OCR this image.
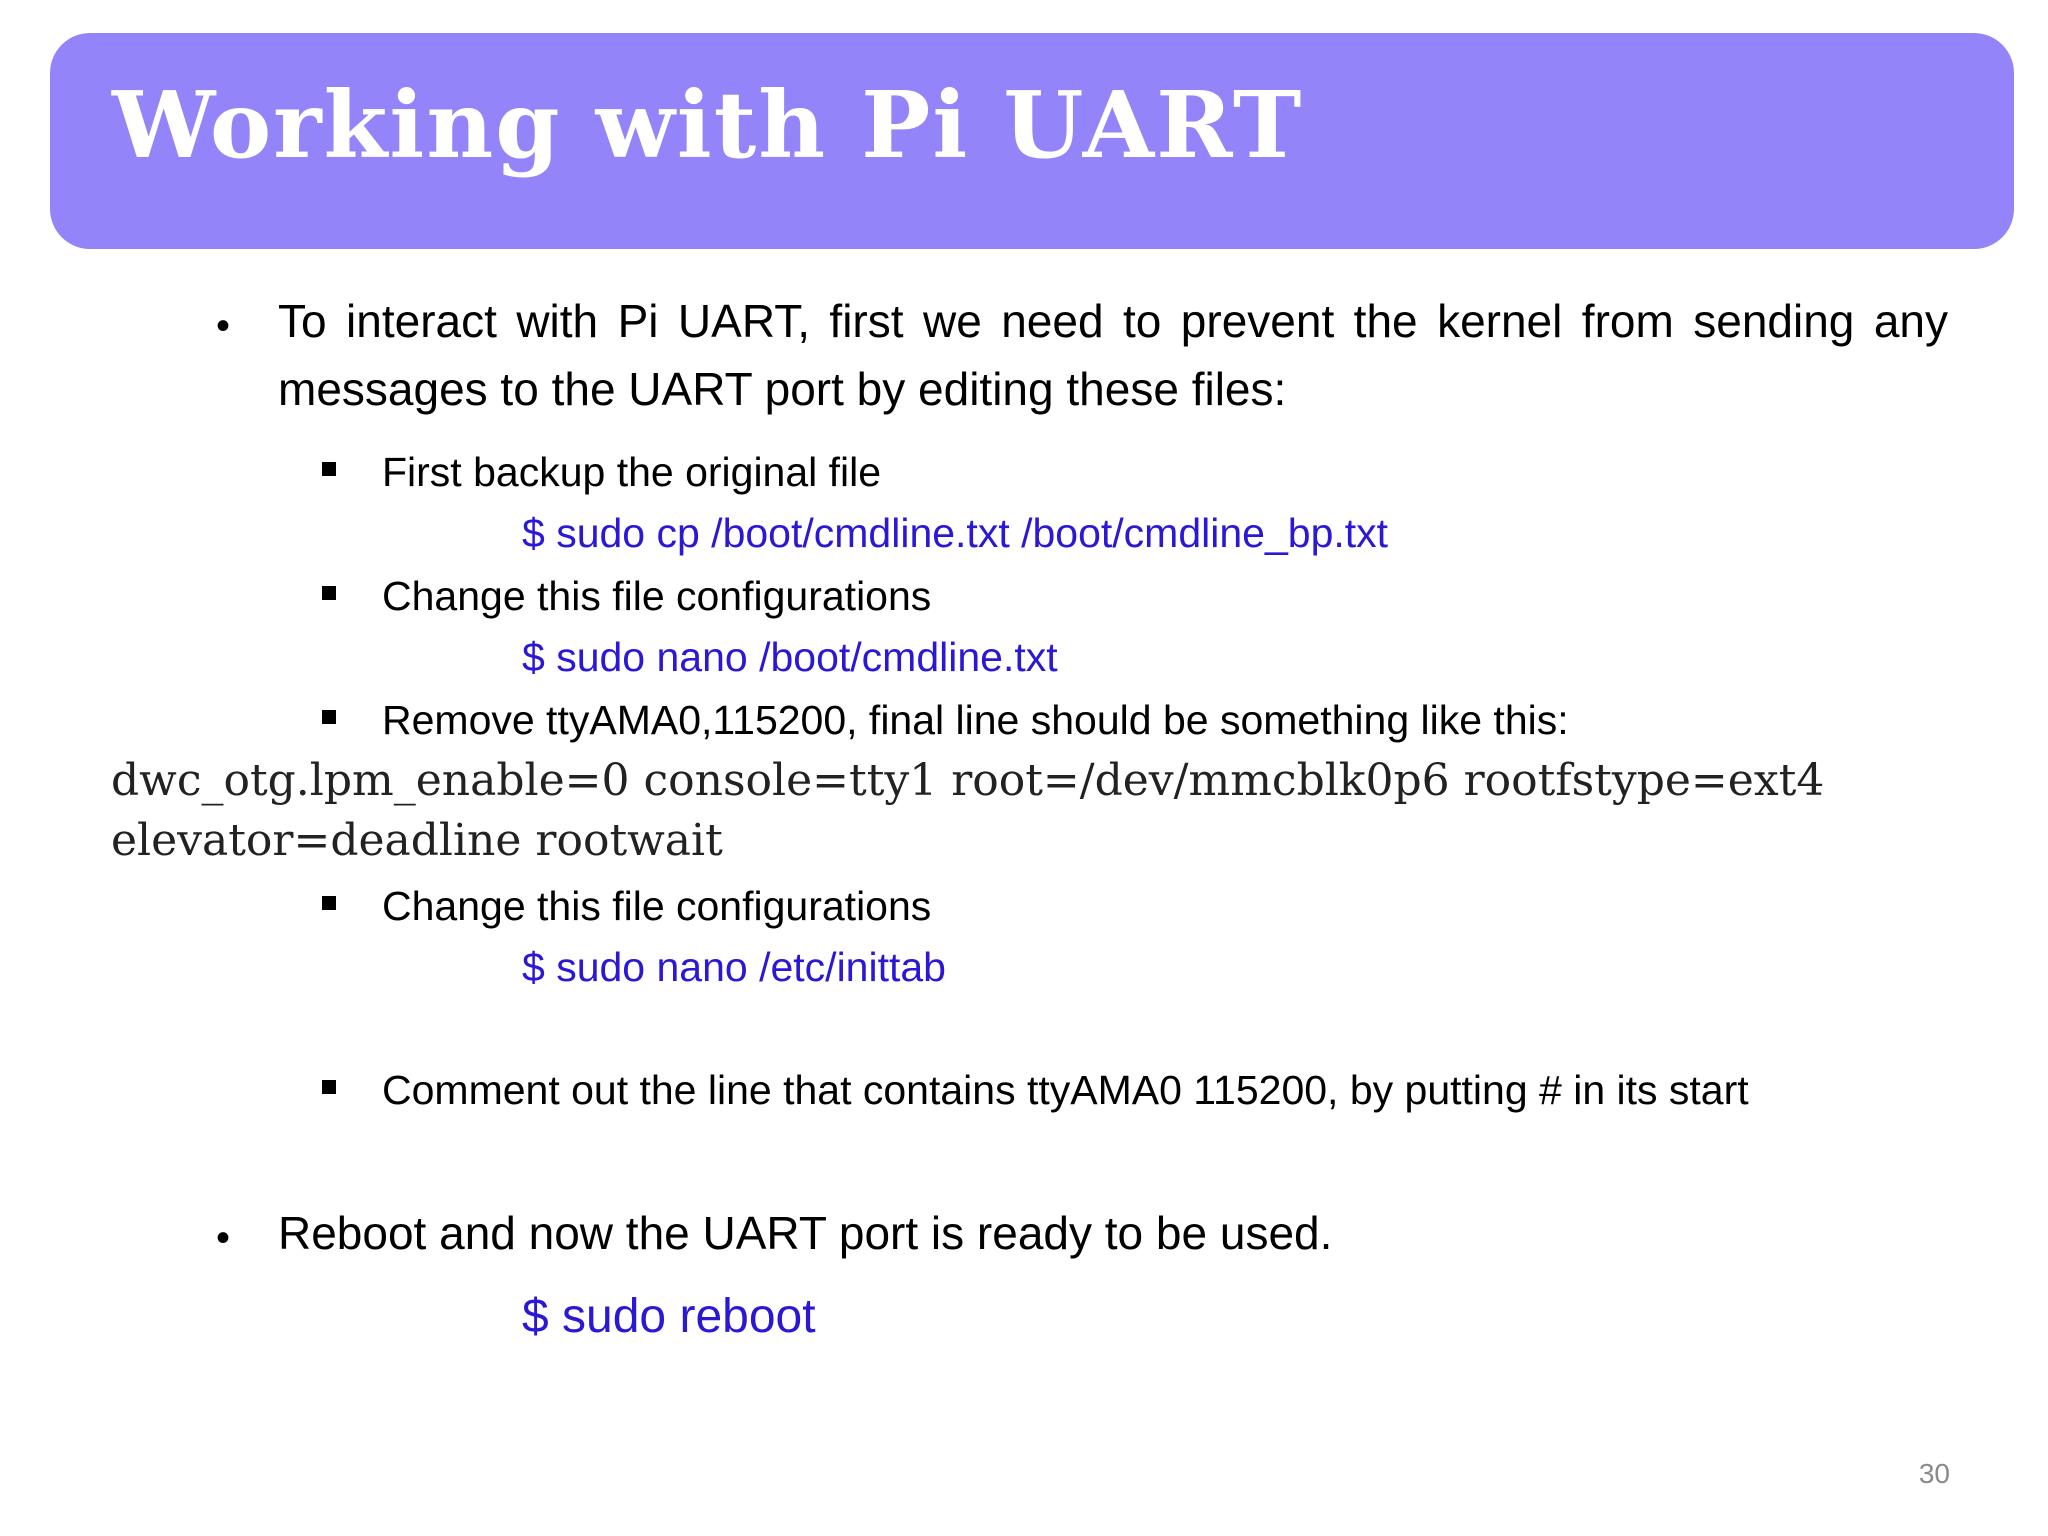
Working with Pi UART
•
To interact with Pi UART, first we need to prevent the kernel from sending any messages to the UART port by editing these files:
First backup the original file
$ sudo cp /boot/cmdline.txt /boot/cmdline_bp.txt
Change this file configurations
$ sudo nano /boot/cmdline.txt
Remove ttyAMA0,115200, final line should be something like this:
dwc_otg.lpm_enable=0 console=tty1 root=/dev/mmcblk0p6 rootfstype=ext4
elevator=deadline rootwait
Change this file configurations
$ sudo nano /etc/inittab
Comment out the line that contains ttyAMA0 115200, by putting # in its start
•
Reboot and now the UART port is ready to be used.
$ sudo reboot
30
